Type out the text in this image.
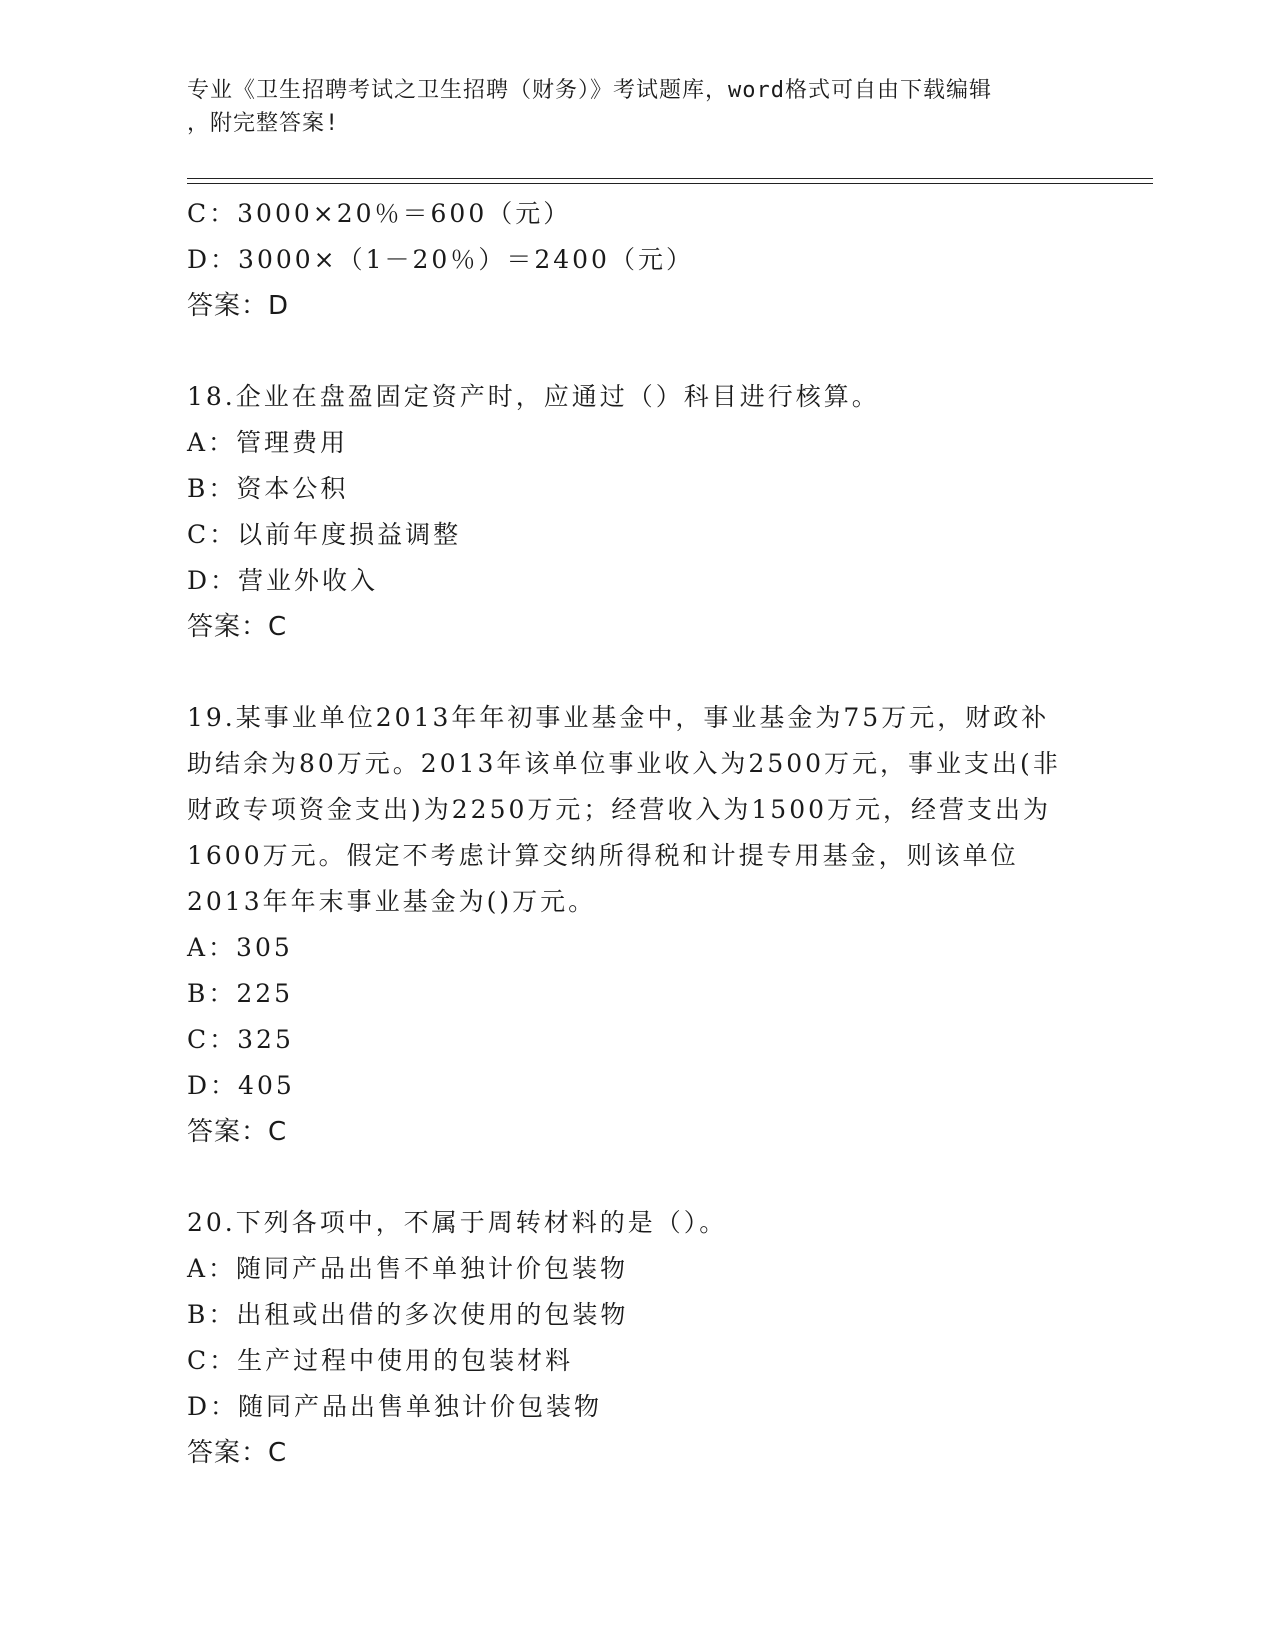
专业《卫生招聘考试之卫生招聘（财务）》考试题库，word格式可自由下载编辑
，附完整答案!
C：3000×20％＝600（元）
D：3000×（1－20％）＝2400（元）
答案：D
18.企业在盘盈固定资产时，应通过（）科目进行核算。
A：管理费用
B：资本公积
C：以前年度损益调整
D：营业外收入
答案：C
19.某事业单位2013年年初事业基金中，事业基金为75万元，财政补
助结余为80万元。2013年该单位事业收入为2500万元，事业支出(非
财政专项资金支出)为2250万元；经营收入为1500万元，经营支出为
1600万元。假定不考虑计算交纳所得税和计提专用基金，则该单位
2013年年末事业基金为()万元。
A：305
B：225
C：325
D：405
答案：C
20.下列各项中，不属于周转材料的是（）。
A：随同产品出售不单独计价包装物
B：出租或出借的多次使用的包装物
C：生产过程中使用的包装材料
D：随同产品出售单独计价包装物
答案：C
